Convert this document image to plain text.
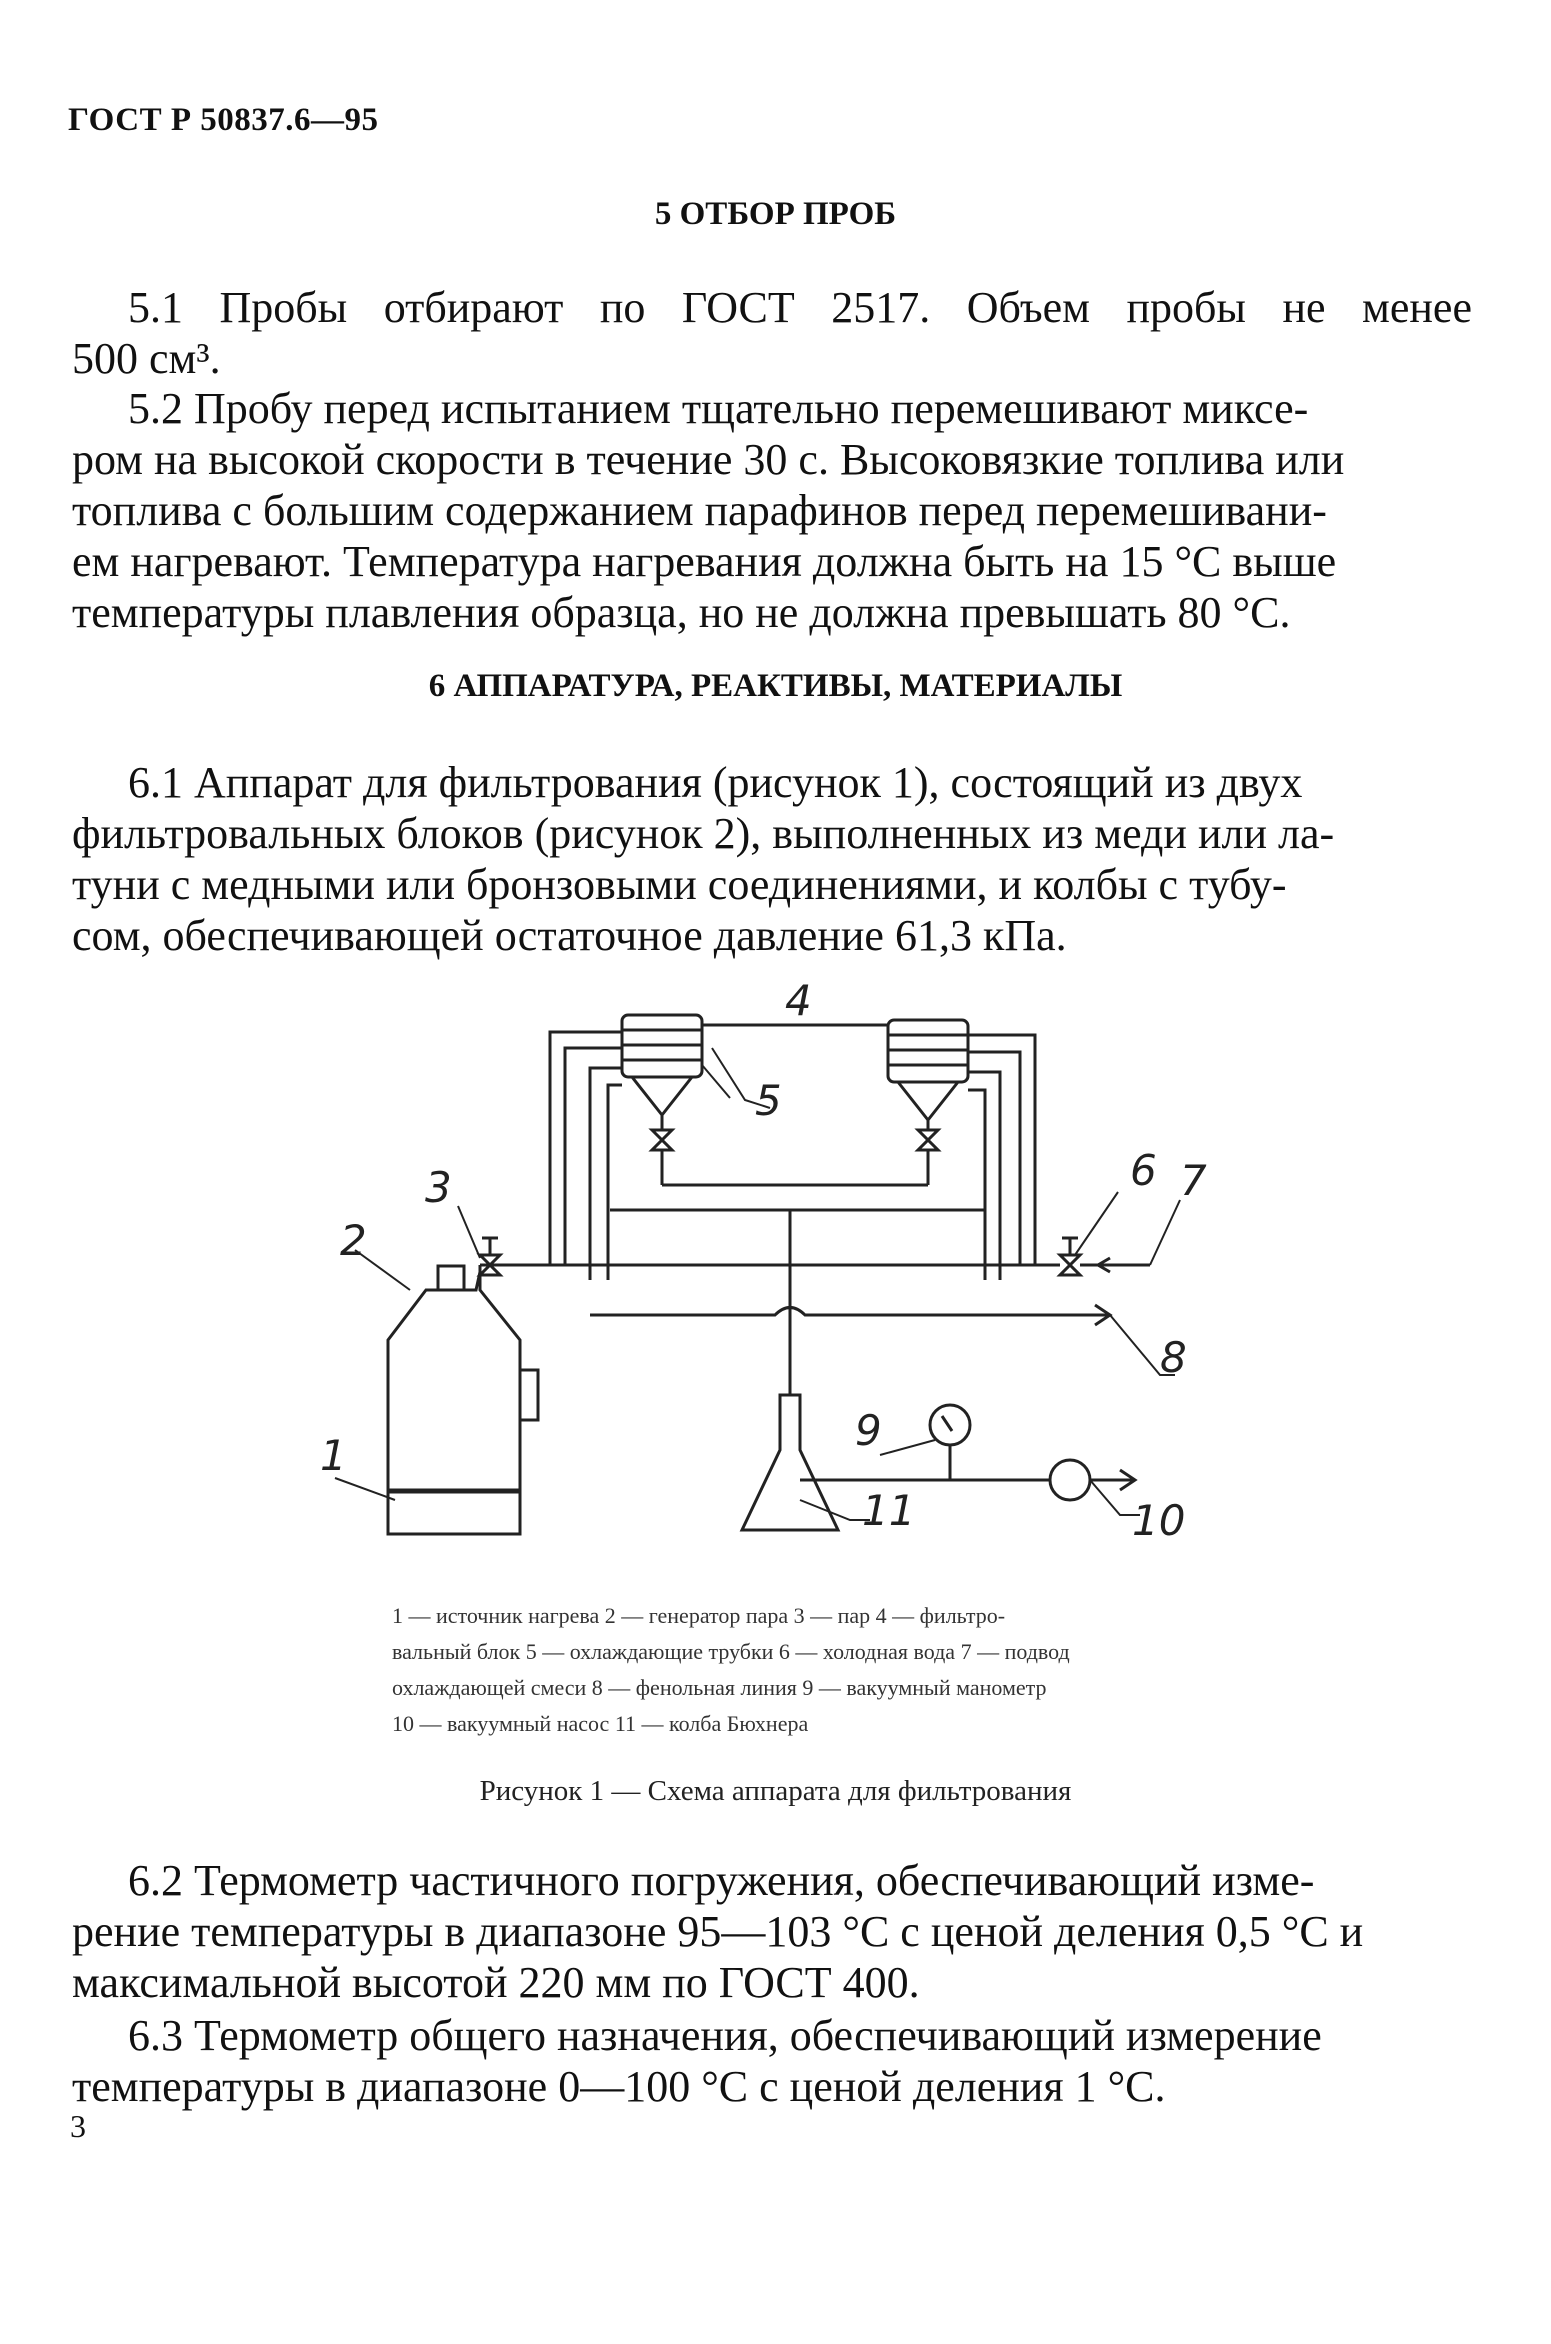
ГОСТ Р 50837.6—95
5 ОТБОР ПРОБ
5.1 Пробы отбирают по ГОСТ 2517. Объем пробы не менее
500 см³.
5.2 Пробу перед испытанием тщательно перемешивают миксе-
ром на высокой скорости в течение 30 с. Высоковязкие топлива или
топлива с большим содержанием парафинов перед перемешивани-
ем нагревают. Температура нагревания должна быть на 15 °С выше
температуры плавления образца, но не должна превышать 80 °С.
6 АППАРАТУРА, РЕАКТИВЫ, МАТЕРИАЛЫ
6.1 Аппарат для фильтрования (рисунок 1), состоящий из двух
фильтровальных блоков (рисунок 2), выполненных из меди или ла-
туни с медными или бронзовыми соединениями, и колбы с тубу-
сом, обеспечивающей остаточное давление 61,3 кПа.
4
5
3
2
1
6 7
8
9
10
11
1 — источник нагрева 2 — генератор пара 3 — пар 4 — фильтро-
вальный блок 5 — охлаждающие трубки 6 — холодная вода 7 — подвод
охлаждающей смеси 8 — фенольная линия 9 — вакуумный манометр
10 — вакуумный насос 11 — колба Бюхнера
Рисунок 1 — Схема аппарата для фильтрования
6.2 Термометр частичного погружения, обеспечивающий изме-
рение температуры в диапазоне 95—103 °С с ценой деления 0,5 °С и
максимальной высотой 220 мм по ГОСТ 400.
6.3 Термометр общего назначения, обеспечивающий измерение
температуры в диапазоне 0—100 °С с ценой деления 1 °С.
3
